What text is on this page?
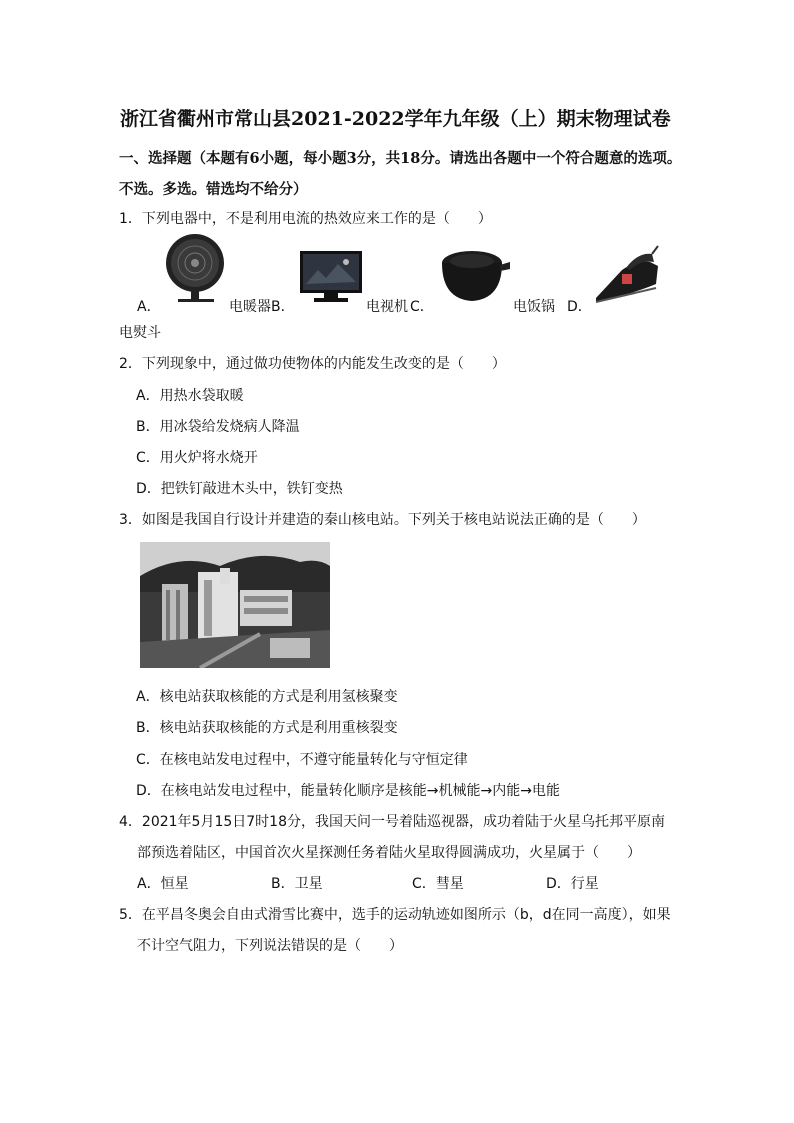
浙江省衢州市常山县2021-2022学年九年级（上）期末物理试卷
一、选择题（本题有6小题，每小题3分，共18分。请选出各题中一个符合题意的选项。
不选。多选。错选均不给分）
1．下列电器中，不是利用电流的热效应来工作的是（　　）
A．	电暖器 B．	电视机 C．	电饭锅 D．
电熨斗
2．下列现象中，通过做功使物体的内能发生改变的是（　　）
A．用热水袋取暖
B．用冰袋给发烧病人降温
C．用火炉将水烧开
D．把铁钉敲进木头中，铁钉变热
3．如图是我国自行设计并建造的秦山核电站。下列关于核电站说法正确的是（　　）
A．核电站获取核能的方式是利用氢核聚变
B．核电站获取核能的方式是利用重核裂变
C．在核电站发电过程中，不遵守能量转化与守恒定律
D．在核电站发电过程中，能量转化顺序是核能→机械能→内能→电能
4．2021年5月15日7时18分，我国天问一号着陆巡视器，成功着陆于火星乌托邦平原南
部预选着陆区，中国首次火星探测任务着陆火星取得圆满成功，火星属于（　　）
A．恒星	B．卫星	C．彗星	D．行星
5．在平昌冬奥会自由式滑雪比赛中，选手的运动轨迹如图所示（b，d在同一高度），如果
不计空气阻力，下列说法错误的是（　　）
